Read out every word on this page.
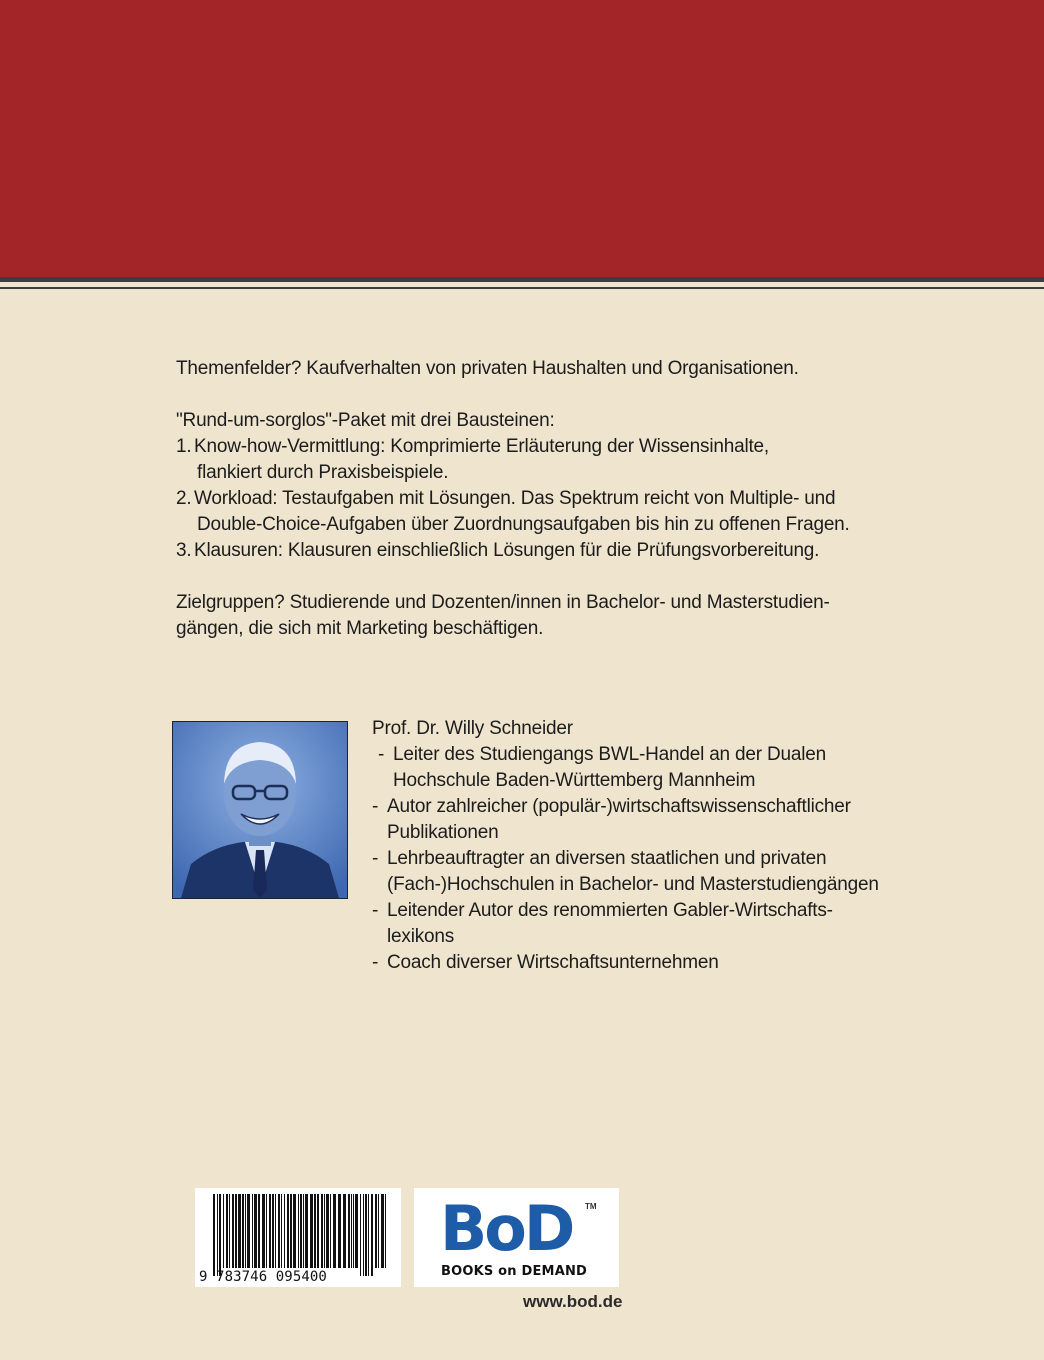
Themenfelder? Kaufverhalten von privaten Haushalten und Organisationen.

"Rund-um-sorglos"-Paket mit drei Bausteinen:

1. Know-how-Vermittlung: Komprimierte Erläuterung der Wissensinhalte,
flankiert durch Praxisbeispiele.
2. Workload: Testaufgaben mit Lösungen. Das Spektrum reicht von Multiple- und
Double-Choice-Aufgaben über Zuordnungsaufgaben bis hin zu offenen Fragen.
3. Klausuren: Klausuren einschließlich Lösungen für die Prüfungsvorbereitung.

Zielgruppen? Studierende und Dozenten/innen in Bachelor- und Masterstudien-

gängen, die sich mit Marketing beschäftigen.

Prof. Dr. Willy Schneider

- Leiter des Studiengangs BWL-Handel an der Dualen
Hochschule Baden-Württemberg Mannheim
- Autor zahlreicher (populär-)wirtschaftswissenschaftlicher
Publikationen
- Lehrbeauftragter an diversen staatlichen und privaten
(Fach-)Hochschulen in Bachelor- und Masterstudiengängen
- Leitender Autor des renommierten Gabler-Wirtschafts-
lexikons
- Coach diverser Wirtschaftsunternehmen
9 783746 095400
BoD TM
BOOKS on DEMAND
www.bod.de
